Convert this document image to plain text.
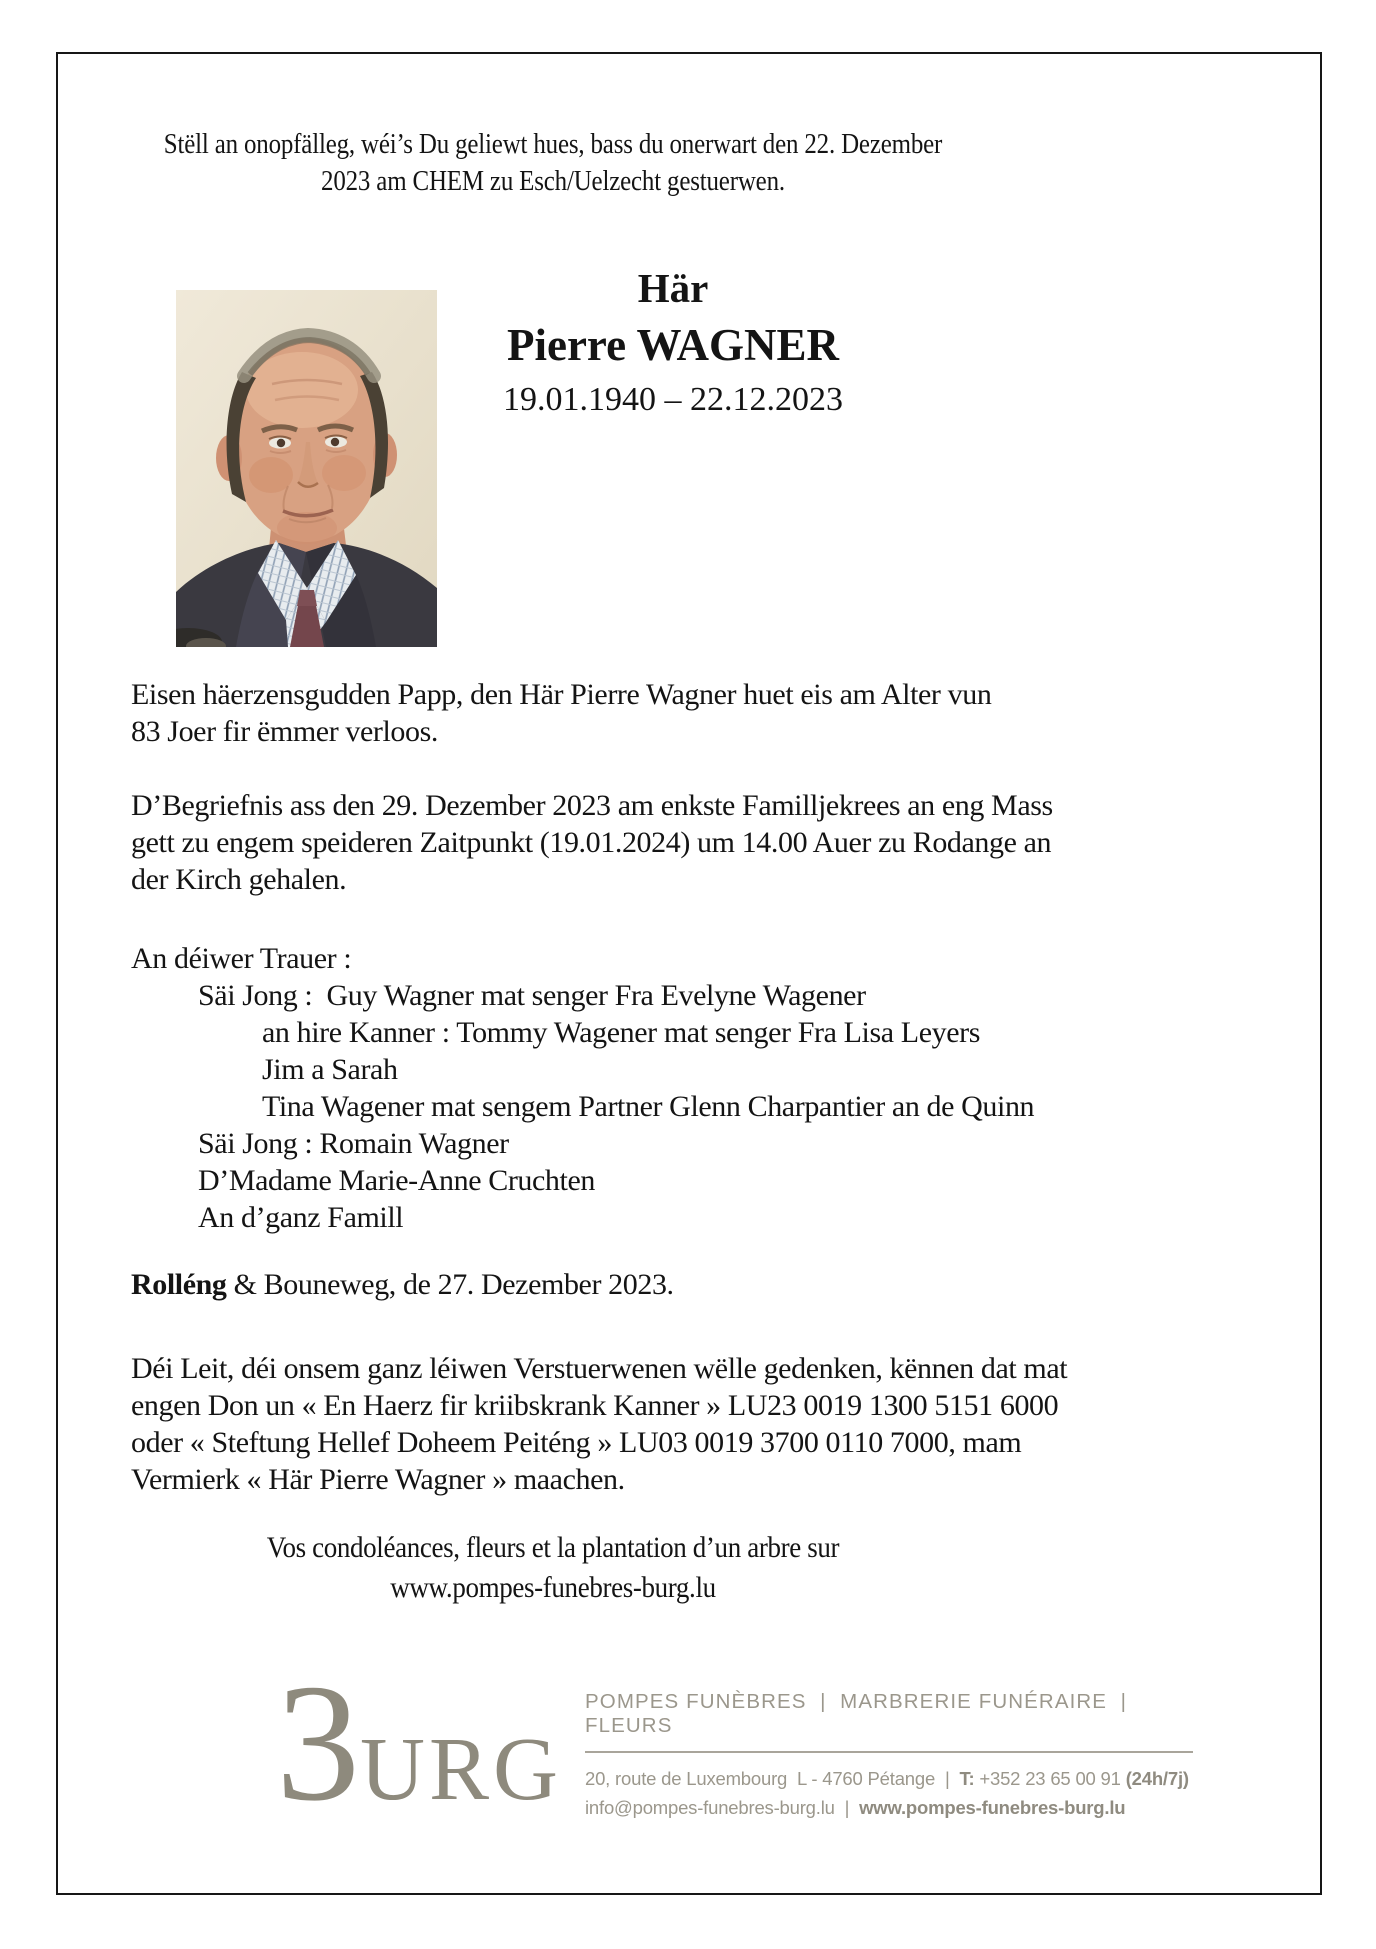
Stëll an onopfälleg, wéi’s Du geliewt hues, bass du onerwart den 22. Dezember
2023 am CHEM zu Esch/Uelzecht gestuerwen.
Här
Pierre WAGNER
19.01.1940 – 22.12.2023
Eisen häerzensgudden Papp, den Här Pierre Wagner huet eis am Alter vun
83 Joer fir ëmmer verloos.
D’Begriefnis ass den 29. Dezember 2023 am enkste Familljekrees an eng Mass
gett zu engem speideren Zaitpunkt (19.01.2024) um 14.00 Auer zu Rodange an
der Kirch gehalen.
An déiwer Trauer :
Säi Jong :  Guy Wagner mat senger Fra Evelyne Wagener
an hire Kanner : Tommy Wagener mat senger Fra Lisa Leyers
Jim a Sarah
Tina Wagener mat sengem Partner Glenn Charpantier an de Quinn
Säi Jong : Romain Wagner
D’Madame Marie-Anne Cruchten
An d’ganz Famill
Rolléng & Bouneweg, de 27. Dezember 2023.
Déi Leit, déi onsem ganz léiwen Verstuerwenen wëlle gedenken, kënnen dat mat
engen Don un « En Haerz fir kriibskrank Kanner » LU23 0019 1300 5151 6000
oder « Steftung Hellef Doheem Peiténg » LU03 0019 3700 0110 7000, mam
Vermierk « Här Pierre Wagner » maachen.
Vos condoléances, fleurs et la plantation d’un arbre sur
www.pompes-funebres-burg.lu
3 URG
POMPES FUNÈBRES  |  MARBRERIE FUNÉRAIRE  |  FLEURS
20, route de Luxembourg  L - 4760 Pétange  |  T: +352 23 65 00 91 (24h/7j)
info@pompes-funebres-burg.lu  |  www.pompes-funebres-burg.lu
